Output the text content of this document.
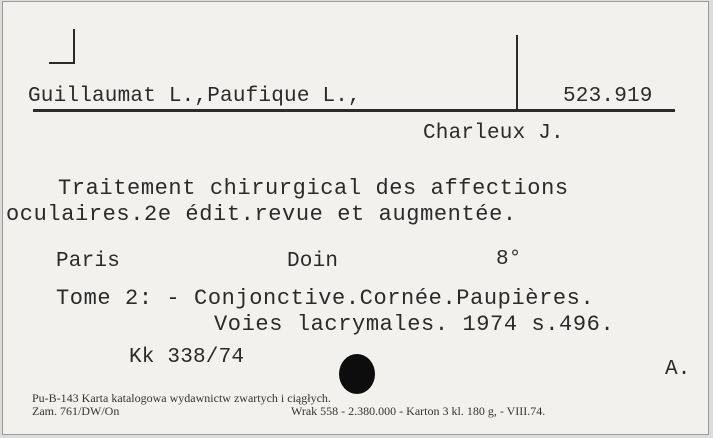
Guillaumat L.,Paufique L.,	523.919
Charleux J.
Traitement chirurgical des affections
oculaires.2e édit.revue et augmentée.
Paris	Doin	8°
Tome 2: - Conjonctive.Cornée.Paupières.
Voies lacrymales. 1974 s.496.
Kk 338/74
A.
Pu-B-143 Karta katalogowa wydawnictw zwartych i ciągłych.
Zam. 761/DW/On	Wrak 558 - 2.380.000 - Karton 3 kl. 180 g, - VIII.74.
